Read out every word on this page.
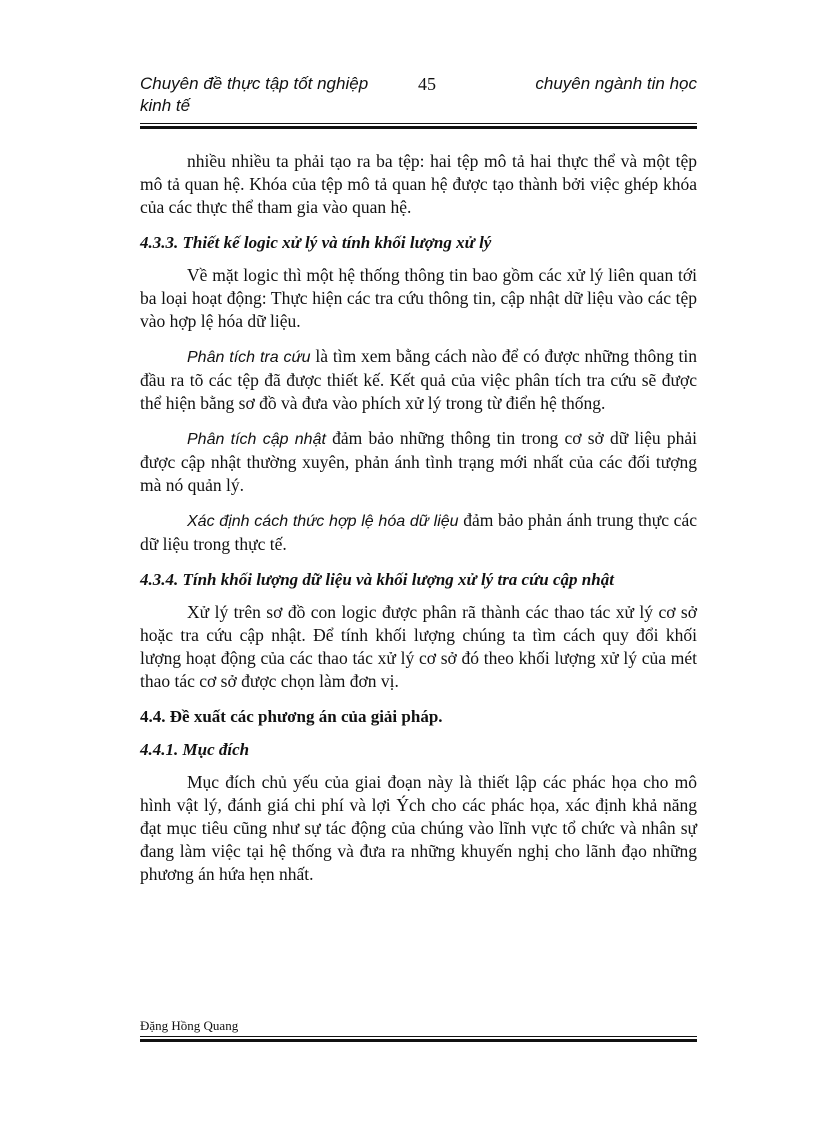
Chuyên đề thực tập tốt nghiệp
kinh tế
45	chuyên ngành tin học

nhiều nhiều ta phải tạo ra ba tệp: hai tệp mô tả hai thực thể và một tệp mô tả quan hệ. Khóa của tệp mô tả quan hệ được tạo thành bởi việc ghép khóa của các thực thể tham gia vào quan hệ.

4.3.3. Thiết kế logic xử lý và tính khối lượng xử lý

Về mặt logic thì một hệ thống thông tin bao gồm các xử lý liên quan tới ba loại hoạt động: Thực hiện các tra cứu thông tin, cập nhật dữ liệu vào các tệp vào hợp lệ hóa dữ liệu.

Phân tích tra cứu là tìm xem bằng cách nào để có được những thông tin đầu ra tõ các tệp đã được thiết kế. Kết quả của việc phân tích tra cứu sẽ được thể hiện bằng sơ đồ và đưa vào phích xử lý trong từ điển hệ thống.

Phân tích cập nhật đảm bảo những thông tin trong cơ sở dữ liệu phải được cập nhật thường xuyên, phản ánh tình trạng mới nhất của các đối tượng mà nó quản lý.

Xác định cách thức hợp lệ hóa dữ liệu đảm bảo phản ánh trung thực các dữ liệu trong thực tế.

4.3.4. Tính khối lượng dữ liệu và khối lượng xử lý tra cứu cập nhật

Xử lý trên sơ đồ con logic được phân rã thành các thao tác xử lý cơ sở hoặc tra cứu cập nhật. Để tính khối lượng chúng ta tìm cách quy đổi khối lượng hoạt động của các thao tác xử lý cơ sở đó theo khối lượng xử lý của mét thao tác cơ sở được chọn làm đơn vị.

4.4. Đề xuất các phương án của giải pháp.
4.4.1. Mục đích

Mục đích chủ yếu của giai đoạn này là thiết lập các phác họa cho mô hình vật lý, đánh giá chi phí và lợi Ých cho các phác họa, xác định khả năng đạt mục tiêu cũng như sự tác động của chúng vào lĩnh vực tổ chức và nhân sự đang làm việc tại hệ thống và đưa ra những khuyến nghị cho lãnh đạo những phương án hứa hẹn nhất.

Đặng Hồng Quang
